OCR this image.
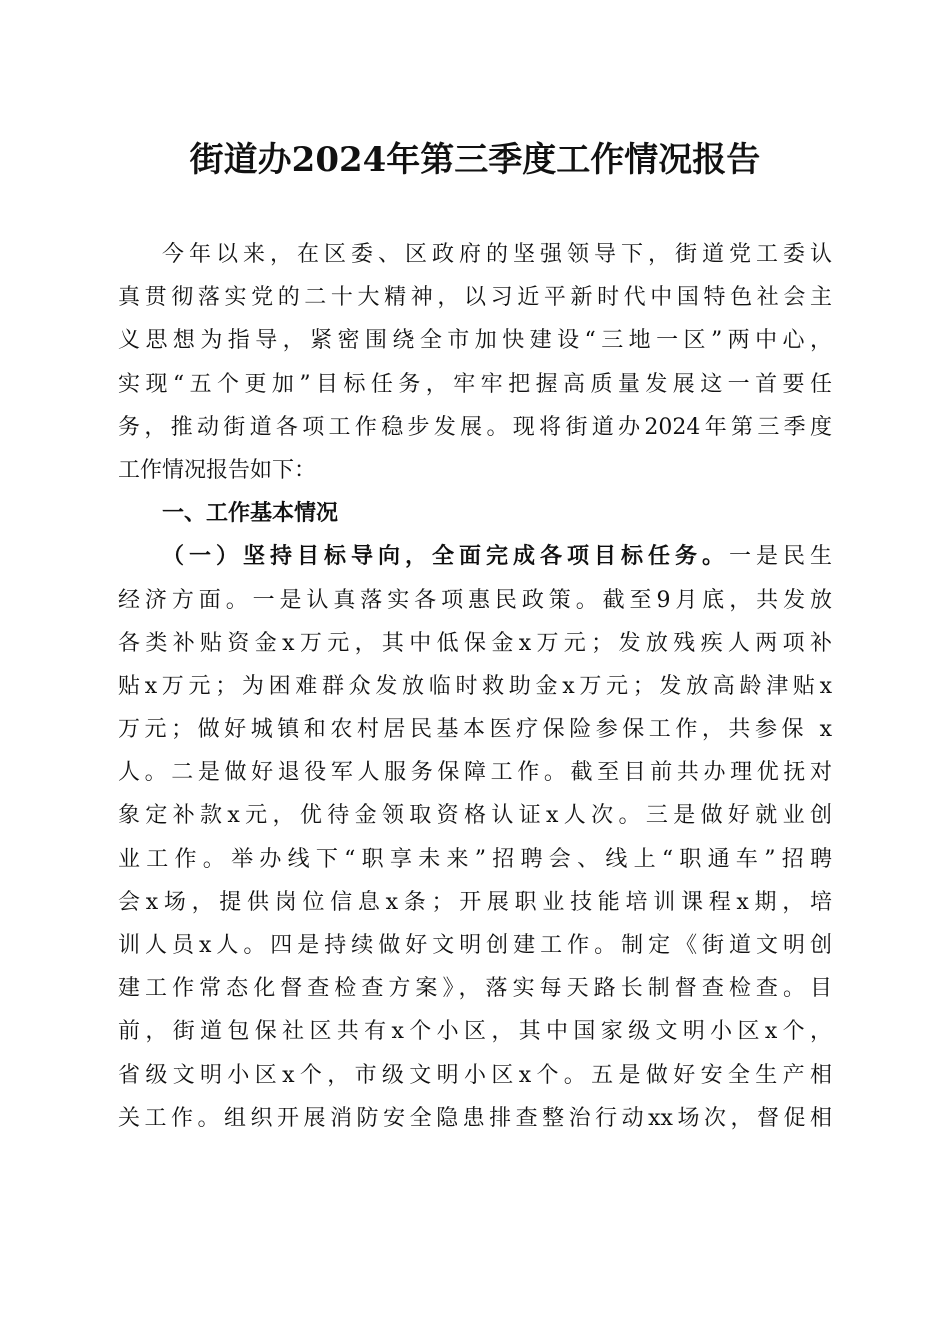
街道办2024年第三季度工作情况报告
今年以来，在区委、区政府的坚强领导下，街道党工委认
真贯彻落实党的二十大精神，以习近平新时代中国特色社会主
义思想为指导，紧密围绕全市加快建设“三地一区”两中心，
实现“五个更加”目标任务，牢牢把握高质量发展这一首要任
务，推动街道各项工作稳步发展。现将街道办2024年第三季度
工作情况报告如下：
一、工作基本情况
（一）坚持目标导向，全面完成各项目标任务。一是民生
经济方面。一是认真落实各项惠民政策。截至9月底，共发放
各类补贴资金x万元，其中低保金x万元；发放残疾人两项补
贴x万元；为困难群众发放临时救助金x万元；发放高龄津贴x
万元；做好城镇和农村居民基本医疗保险参保工作，共参保 x
人。二是做好退役军人服务保障工作。截至目前共办理优抚对
象定补款x元，优待金领取资格认证x人次。三是做好就业创
业工作。举办线下“职享未来”招聘会、线上“职通车”招聘
会x场，提供岗位信息x条；开展职业技能培训课程x期，培
训人员x人。四是持续做好文明创建工作。制定《街道文明创
建工作常态化督查检查方案》，落实每天路长制督查检查。目
前，街道包保社区共有x个小区，其中国家级文明小区x个，
省级文明小区x个，市级文明小区x个。五是做好安全生产相
关工作。组织开展消防安全隐患排查整治行动xx场次，督促相
